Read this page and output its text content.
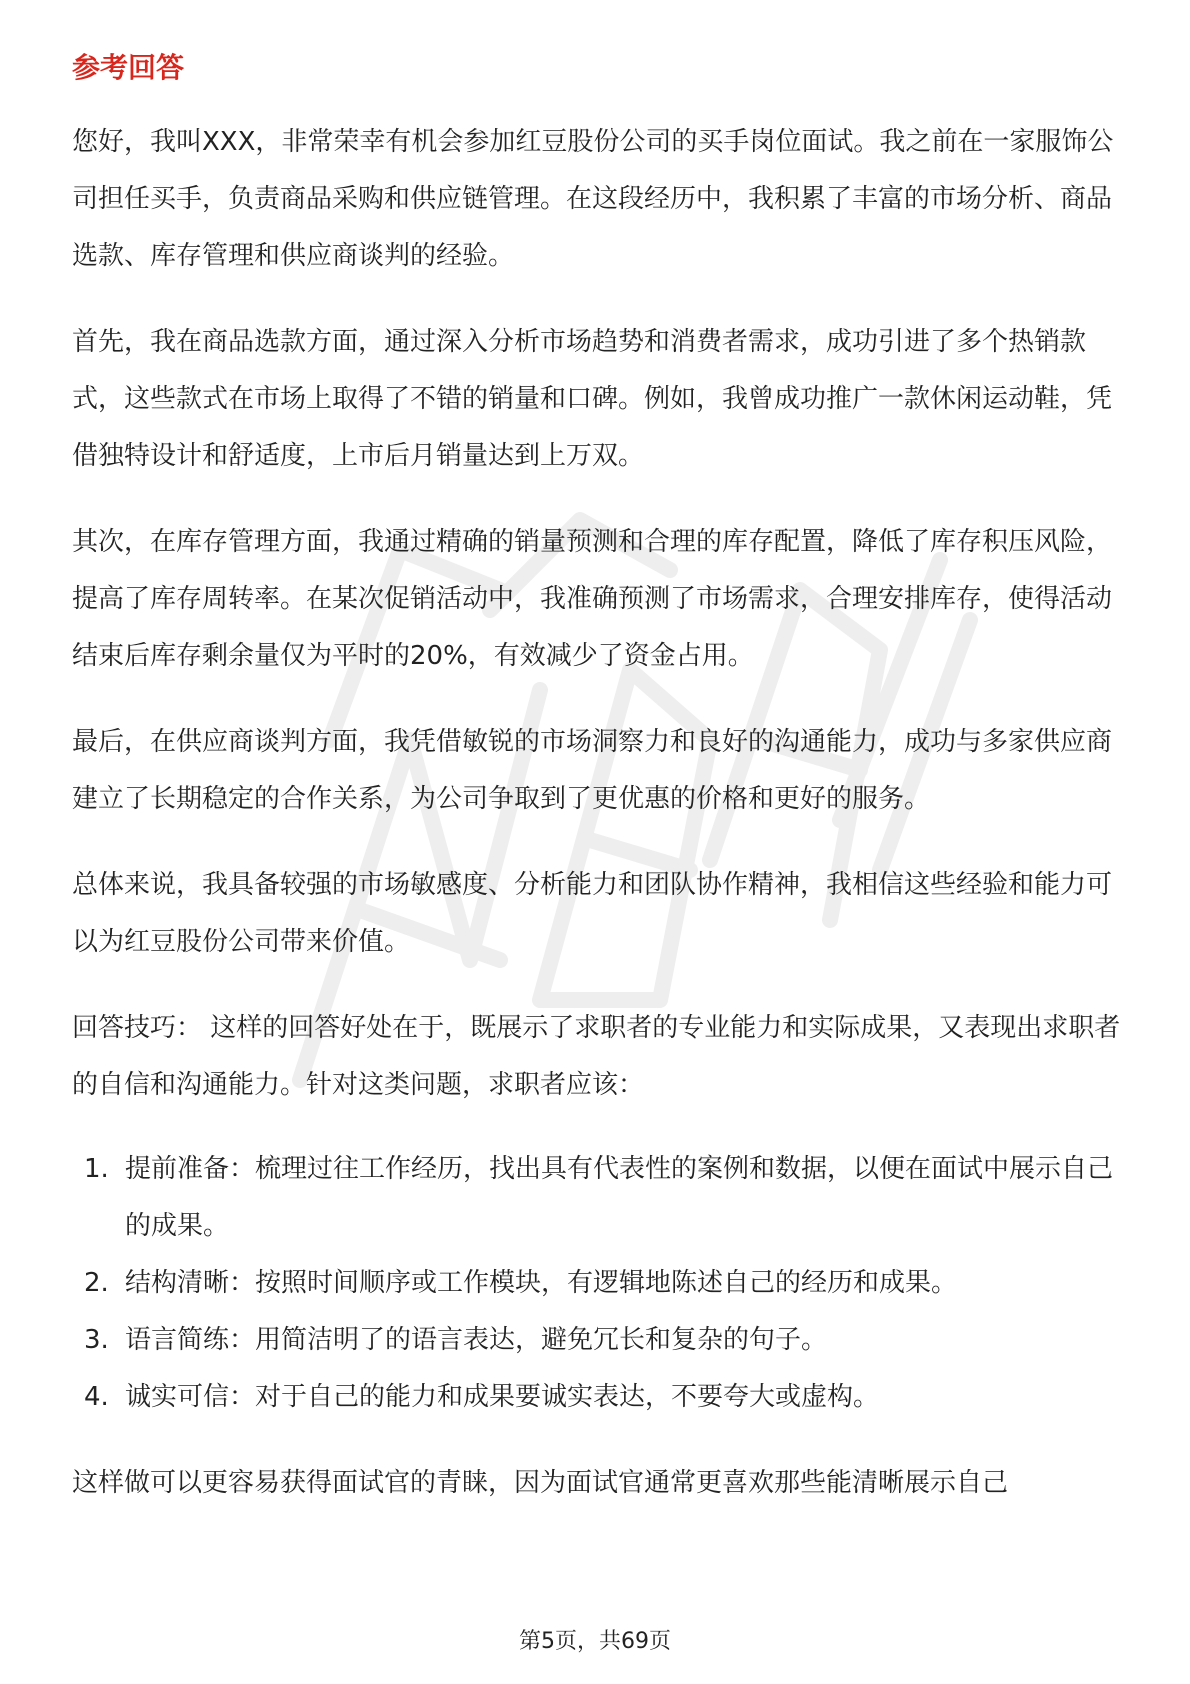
参考回答

您好，我叫XXX，非常荣幸有机会参加红豆股份公司的买手岗位面试。我之前在一家服饰公司担任买手，负责商品采购和供应链管理。在这段经历中，我积累了丰富的市场分析、商品选款、库存管理和供应商谈判的经验。

首先，我在商品选款方面，通过深入分析市场趋势和消费者需求，成功引进了多个热销款式，这些款式在市场上取得了不错的销量和口碑。例如，我曾成功推广一款休闲运动鞋，凭借独特设计和舒适度，上市后月销量达到上万双。

其次，在库存管理方面，我通过精确的销量预测和合理的库存配置，降低了库存积压风险，提高了库存周转率。在某次促销活动中，我准确预测了市场需求，合理安排库存，使得活动结束后库存剩余量仅为平时的20%，有效减少了资金占用。

最后，在供应商谈判方面，我凭借敏锐的市场洞察力和良好的沟通能力，成功与多家供应商建立了长期稳定的合作关系，为公司争取到了更优惠的价格和更好的服务。

总体来说，我具备较强的市场敏感度、分析能力和团队协作精神，我相信这些经验和能力可以为红豆股份公司带来价值。

回答技巧： 这样的回答好处在于，既展示了求职者的专业能力和实际成果，又表现出求职者的自信和沟通能力。针对这类问题，求职者应该：

1. 提前准备：梳理过往工作经历，找出具有代表性的案例和数据，以便在面试中展示自己的成果。
2. 结构清晰：按照时间顺序或工作模块，有逻辑地陈述自己的经历和成果。
3. 语言简练：用简洁明了的语言表达，避免冗长和复杂的句子。
4. 诚实可信：对于自己的能力和成果要诚实表达，不要夸大或虚构。

这样做可以更容易获得面试官的青睐，因为面试官通常更喜欢那些能清晰展示自己

第5页，共69页
